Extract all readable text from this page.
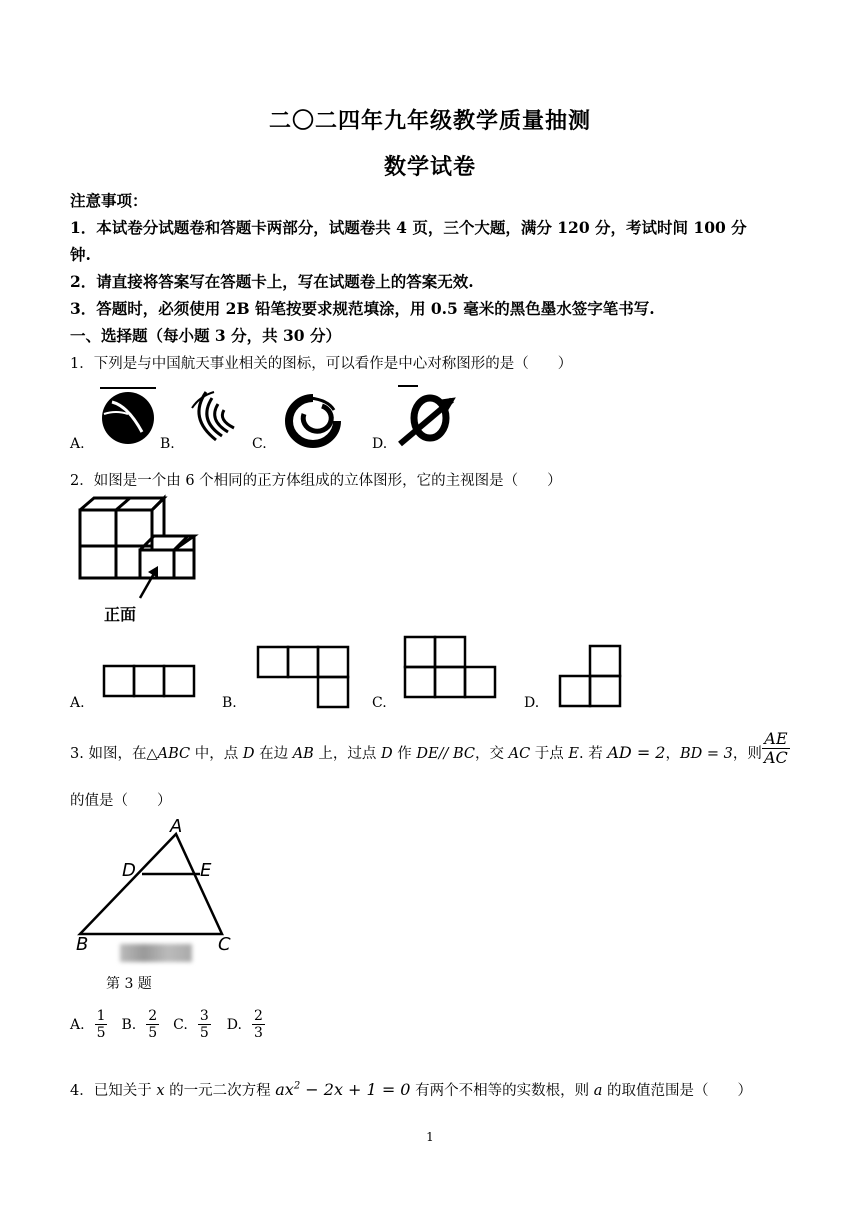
二〇二四年九年级教学质量抽测
数学试卷
注意事项：
1．本试卷分试题卷和答题卡两部分，试题卷共 4 页，三个大题，满分 120 分，考试时间 100 分
钟.
2．请直接将答案写在答题卡上，写在试题卷上的答案无效.
3．答题时，必须使用 2B 铅笔按要求规范填涂，用 0.5 毫米的黑色墨水签字笔书写.
一、选择题（每小题 3 分，共 30 分）
1．下列是与中国航天事业相关的图标，可以看作是中心对称图形的是（　　）
A.	B.	C.	D.
2．如图是一个由 6 个相同的正方体组成的立体图形，它的主视图是（　　）
正面
A.	B.	C.	D.
3. 如图，在△ABC 中，点 D 在边 AB 上，过点 D 作 DE// BC，交 AC 于点 E. 若 AD = 2，BD = 3，则 $\frac{AE}{AC}$
的值是（　　）
A
D	E
B	C
第 3 题
A. $\frac{1}{5} B$. $\frac{2}{5} C$. $\frac{3}{5} D$. $\frac{2}{3}$
4．已知关于 x 的一元二次方程 $ax^2 - 2x + 1 = 0$ 有两个不相等的实数根，则 a 的取值范围是（　　）
1
